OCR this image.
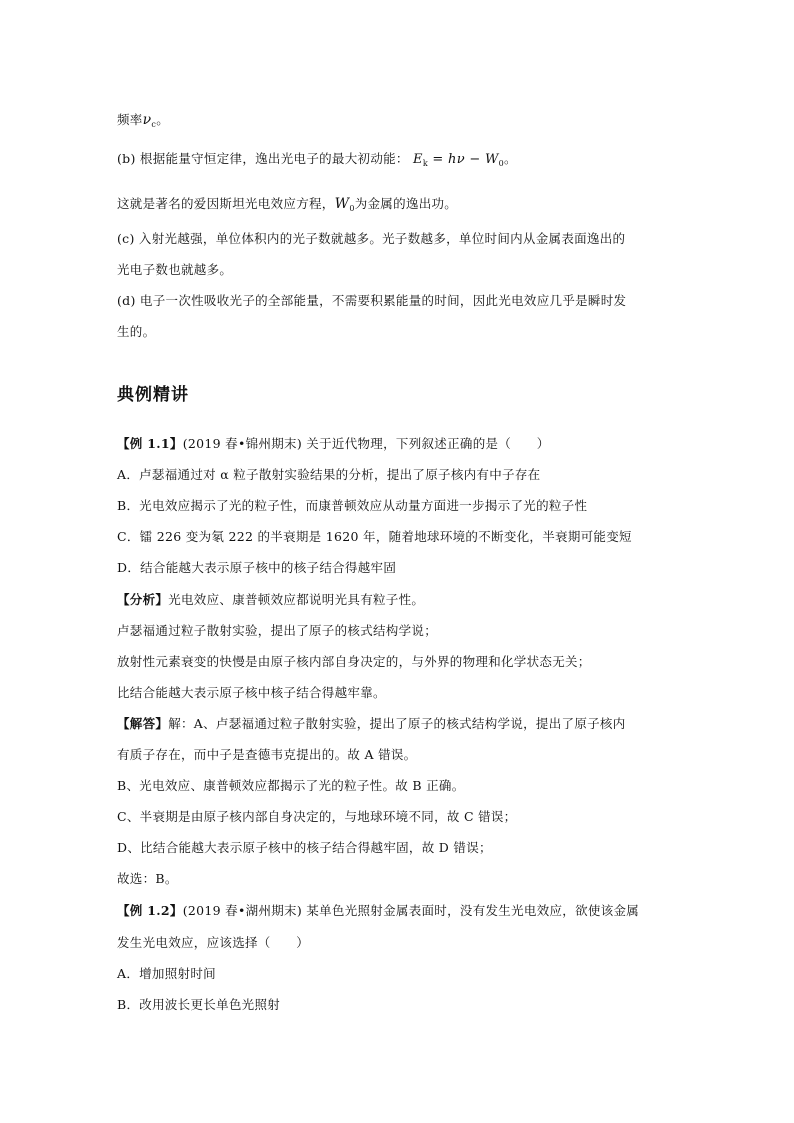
频率$\nu_c$。
(b) 根据能量守恒定律，逸出光电子的最大初动能： $E_k = h\nu - W_0$。
这就是著名的爱因斯坦光电效应方程，$W_0$为金属的逸出功。
(c) 入射光越强，单位体积内的光子数就越多。光子数越多，单位时间内从金属表面逸出的
光电子数也就越多。
(d) 电子一次性吸收光子的全部能量，不需要积累能量的时间，因此光电效应几乎是瞬时发
生的。
典例精讲
【例 1.1】(2019 春•锦州期末) 关于近代物理，下列叙述正确的是（　　）
A．卢瑟福通过对 α 粒子散射实验结果的分析，提出了原子核内有中子存在
B．光电效应揭示了光的粒子性，而康普顿效应从动量方面进一步揭示了光的粒子性
C．镭 226 变为氡 222 的半衰期是 1620 年，随着地球环境的不断变化，半衰期可能变短
D．结合能越大表示原子核中的核子结合得越牢固
【分析】光电效应、康普顿效应都说明光具有粒子性。
卢瑟福通过粒子散射实验，提出了原子的核式结构学说；
放射性元素衰变的快慢是由原子核内部自身决定的，与外界的物理和化学状态无关；
比结合能越大表示原子核中核子结合得越牢靠。
【解答】解：A、卢瑟福通过粒子散射实验，提出了原子的核式结构学说，提出了原子核内
有质子存在，而中子是查德韦克提出的。故 A 错误。
B、光电效应、康普顿效应都揭示了光的粒子性。故 B 正确。
C、半衰期是由原子核内部自身决定的，与地球环境不同，故 C 错误；
D、比结合能越大表示原子核中的核子结合得越牢固，故 D 错误；
故选：B。
【例 1.2】(2019 春•湖州期末) 某单色光照射金属表面时，没有发生光电效应，欲使该金属
发生光电效应，应该选择（　　）
A．增加照射时间
B．改用波长更长单色光照射
